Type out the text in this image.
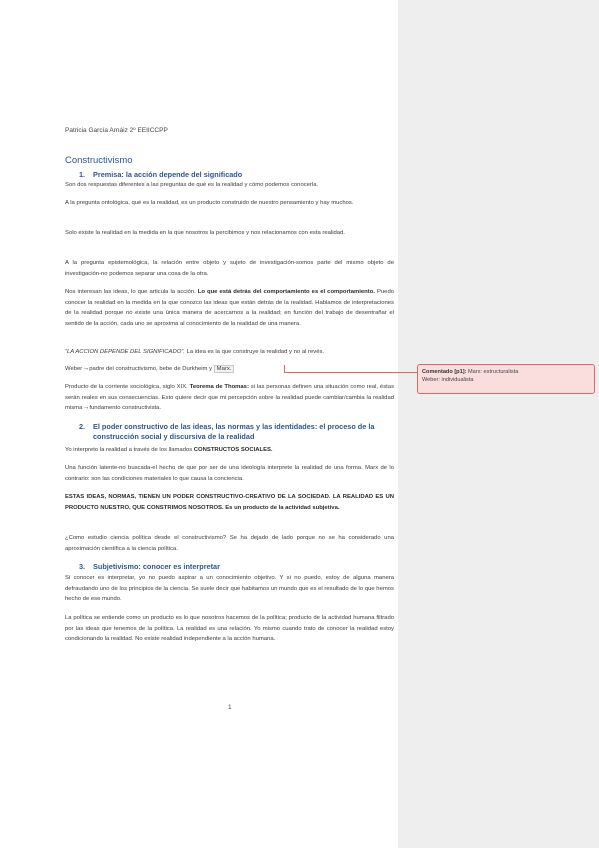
Patricia García Arnáiz 2º EEIICCPP
Constructivismo
1. Premisa: la acción depende del significado
Son dos respuestas diferentes a las preguntas de qué es la realidad y cómo podemos conocerla.
A la pregunta ontológica, qué es la realidad, es un producto construido de nuestro pensamiento y hay muchos.
Solo existe la realidad en la medida en la que nosotros la percibimos y nos relacionamos con esta realidad.
A la pregunta epistemológica, la relación entre objeto y sujeto de investigación-somos parte del mismo objeto de investigación-no podemos separar una cosa de la otra.
Nos interesan las ideas, lo que articula la acción. Lo que está detrás del comportamiento es el comportamiento. Puedo conocer la realidad en la medida en la que conozco las ideas que están detrás de la realidad. Hablamos de interpretaciones de la realidad porque no existe una única manera de acercarnos a la realidad; en función del trabajo de desentrañar el sentido de la acción, cada uno se aproxima al conocimiento de la realidad de una manera.
“LA ACCION DEPENDE DEL SIGNIFICADO”. La idea es la que construye la realidad y no al revés.
Weber→padre del constructivismo, bebe de Durkheim y Marx.
Producto de la corriente sociológica, siglo XIX. Teorema de Thomas: si las personas definen una situación como real, éstas serán reales en sus consecuencias. Esto quiere decir que mi percepción sobre la realidad puede cambiar/cambia la realidad misma→fundamento constructivista.
2. El poder constructivo de las ideas, las normas y las identidades: el proceso de la
construcción social y discursiva de la realidad
Yo interpreto la realidad a través de los llamados CONSTRUCTOS SOCIALES.
Una función latente-no buscada-el hecho de que por ser de una ideología interprete la realidad de una forma. Marx de lo contrario: son las condiciones materiales lo que causa la conciencia.
ESTAS IDEAS, NORMAS, TIENEN UN PODER CONSTRUCTIVO-CREATIVO DE LA SOCIEDAD. LA REALIDAD ES UN PRODUCTO NUESTRO, QUE CONSTRIMOS NOSOTROS. Es un producto de la actividad subjetiva.
¿Como estudio ciencia política desde el constructivismo? Se ha dejado de lado porque no se ha considerado una aproximación científica a la ciencia política.
3. Subjetivismo: conocer es interpretar
Si conocer es interpretar, yo no puedo aspirar a un conocimiento objetivo. Y si no puedo, estoy de alguna manera defraudando uno de los principios de la ciencia. Se suele decir que habitamos un mundo que es el resultado de lo que hemos hecho de ese mundo.
La política se entiende como un producto es lo que nosotros hacemos de la política; producto de la actividad humana filtrado por las ideas que tenemos de la política. La realidad es una relación. Yo mismo cuando trato de conocer la realidad estoy condicionando la realidad. No existe realidad independiente a la acción humana.
1
Comentado [p1]: Marx: estructuralista
Weber: individualista
